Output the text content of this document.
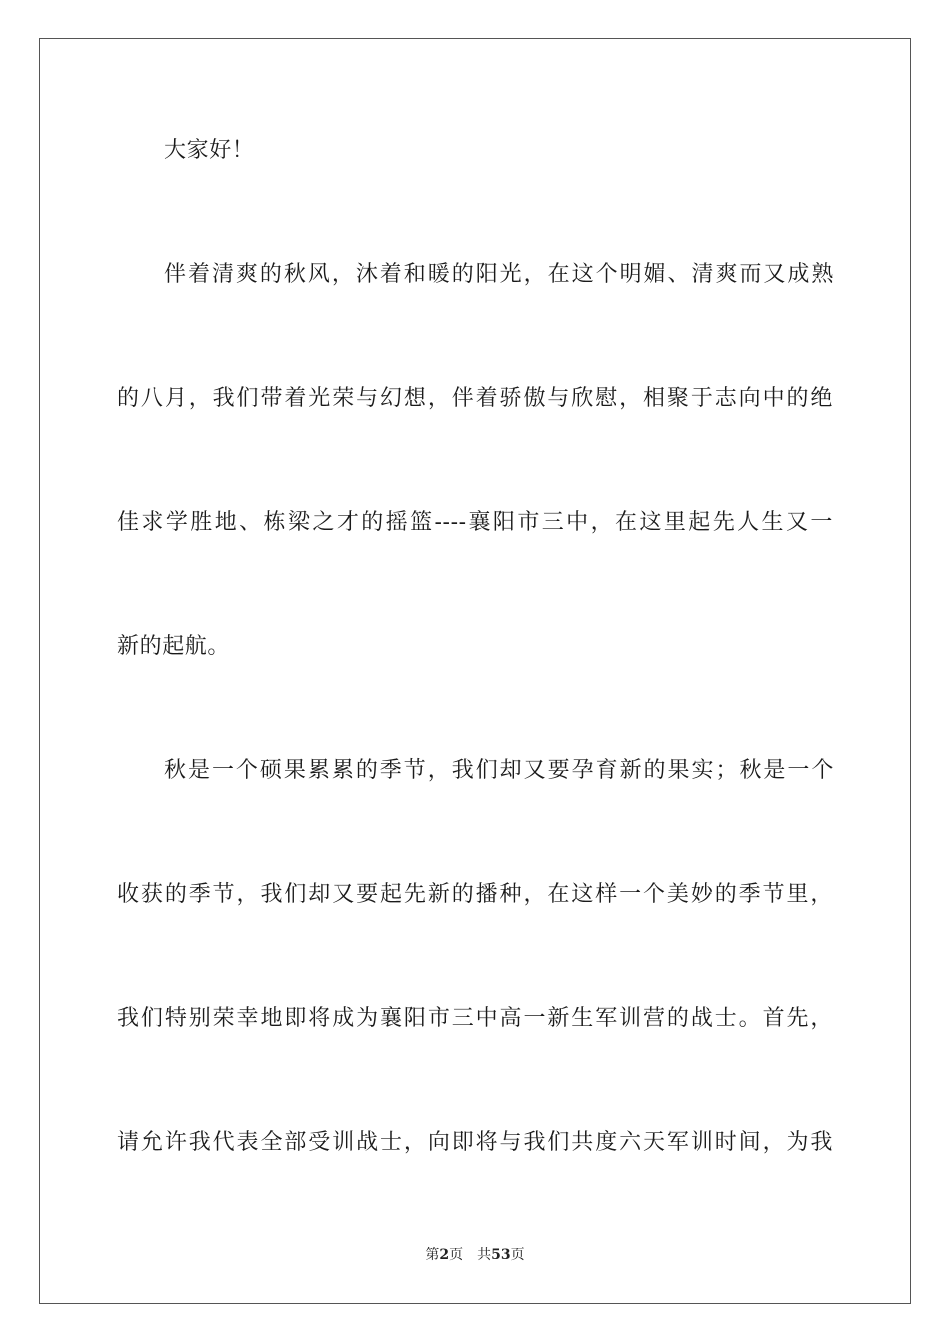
大家好！
伴着清爽的秋风，沐着和暖的阳光，在这个明媚、清爽而又成熟
的八月，我们带着光荣与幻想，伴着骄傲与欣慰，相聚于志向中的绝
佳求学胜地、栋梁之才的摇篮----襄阳市三中，在这里起先人生又一
新的起航。
秋是一个硕果累累的季节，我们却又要孕育新的果实；秋是一个
收获的季节，我们却又要起先新的播种，在这样一个美妙的季节里，
我们特别荣幸地即将成为襄阳市三中高一新生军训营的战士。首先，
请允许我代表全部受训战士，向即将与我们共度六天军训时间，为我
第2页　共53页
